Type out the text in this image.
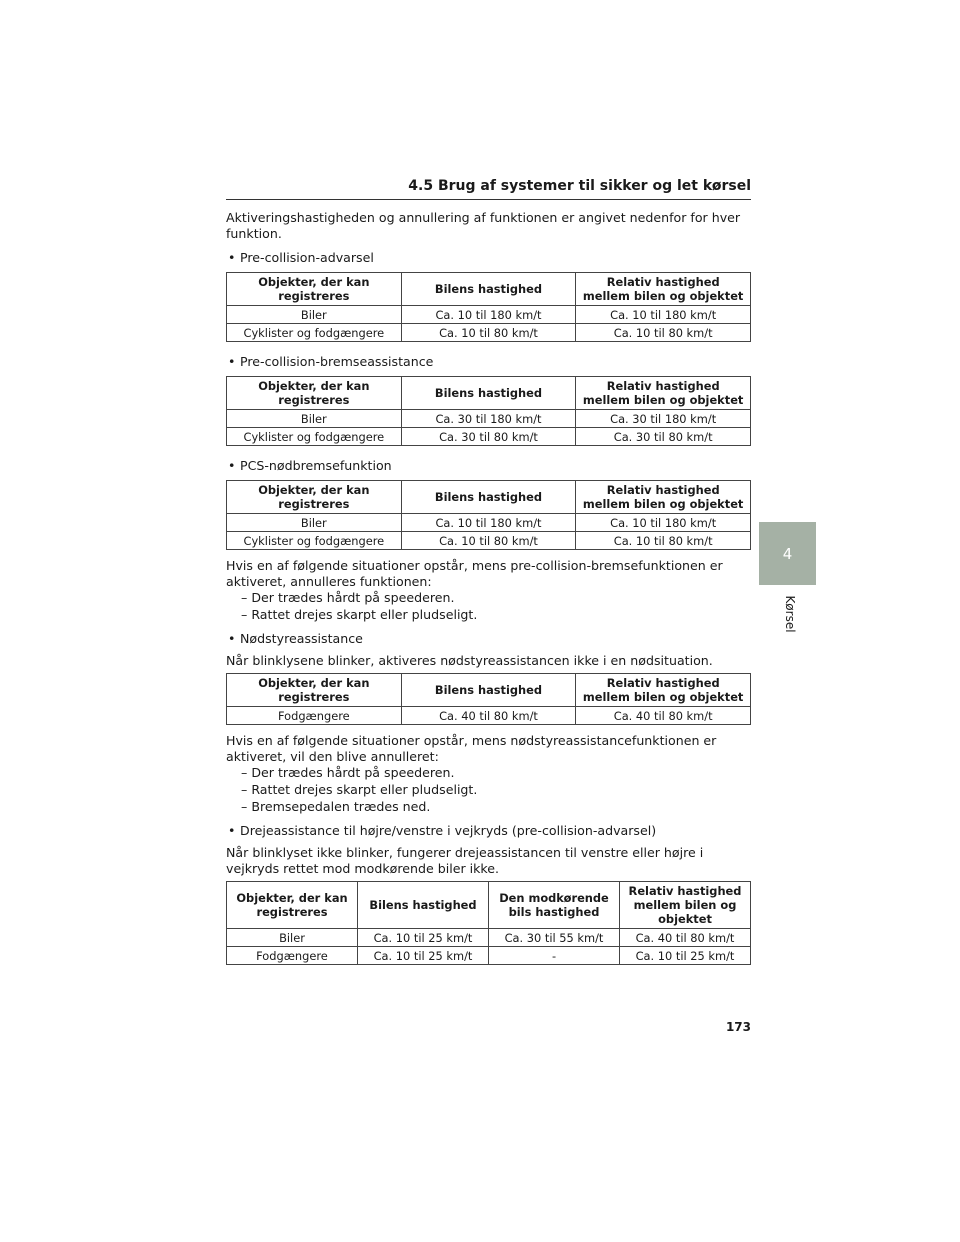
4.5 Brug af systemer til sikker og let kørsel

Aktiveringshastigheden og annullering af funktionen er angivet nedenfor for hver funktion.

• Pre-collision-advarsel
Objekter, der kan registreres	Bilens hastighed	Relativ hastighed mellem bilen og objektet
Biler	Ca. 10 til 180 km/t	Ca. 10 til 180 km/t
Cyklister og fodgængere	Ca. 10 til 80 km/t	Ca. 10 til 80 km/t
• Pre-collision-bremseassistance
Objekter, der kan registreres	Bilens hastighed	Relativ hastighed mellem bilen og objektet
Biler	Ca. 30 til 180 km/t	Ca. 30 til 180 km/t
Cyklister og fodgængere	Ca. 30 til 80 km/t	Ca. 30 til 80 km/t
• PCS-nødbremsefunktion
Objekter, der kan registreres	Bilens hastighed	Relativ hastighed mellem bilen og objektet
Biler	Ca. 10 til 180 km/t	Ca. 10 til 180 km/t
Cyklister og fodgængere	Ca. 10 til 80 km/t	Ca. 10 til 80 km/t

Hvis en af følgende situationer opstår, mens pre-collision-bremsefunktionen er aktiveret, annulleres funktionen:

– Der trædes hårdt på speederen.
– Rattet drejes skarpt eller pludseligt.
• Nødstyreassistance

Når blinklysene blinker, aktiveres nødstyreassistancen ikke i en nødsituation.

Objekter, der kan registreres	Bilens hastighed	Relativ hastighed mellem bilen og objektet
Fodgængere	Ca. 40 til 80 km/t	Ca. 40 til 80 km/t

Hvis en af følgende situationer opstår, mens nødstyreassistancefunktionen er aktiveret, vil den blive annulleret:

– Der trædes hårdt på speederen.
– Rattet drejes skarpt eller pludseligt.
– Bremsepedalen trædes ned.
• Drejeassistance til højre/venstre i vejkryds (pre-collision-advarsel)

Når blinklyset ikke blinker, fungerer drejeassistancen til venstre eller højre i vejkryds rettet mod modkørende biler ikke.

Objekter, der kan registreres	Bilens hastighed	Den modkørende bils hastighed	Relativ hastighed mellem bilen og objektet
Biler	Ca. 10 til 25 km/t	Ca. 30 til 55 km/t	Ca. 40 til 80 km/t
Fodgængere	Ca. 10 til 25 km/t	-	Ca. 10 til 25 km/t
4
Kørsel
173
